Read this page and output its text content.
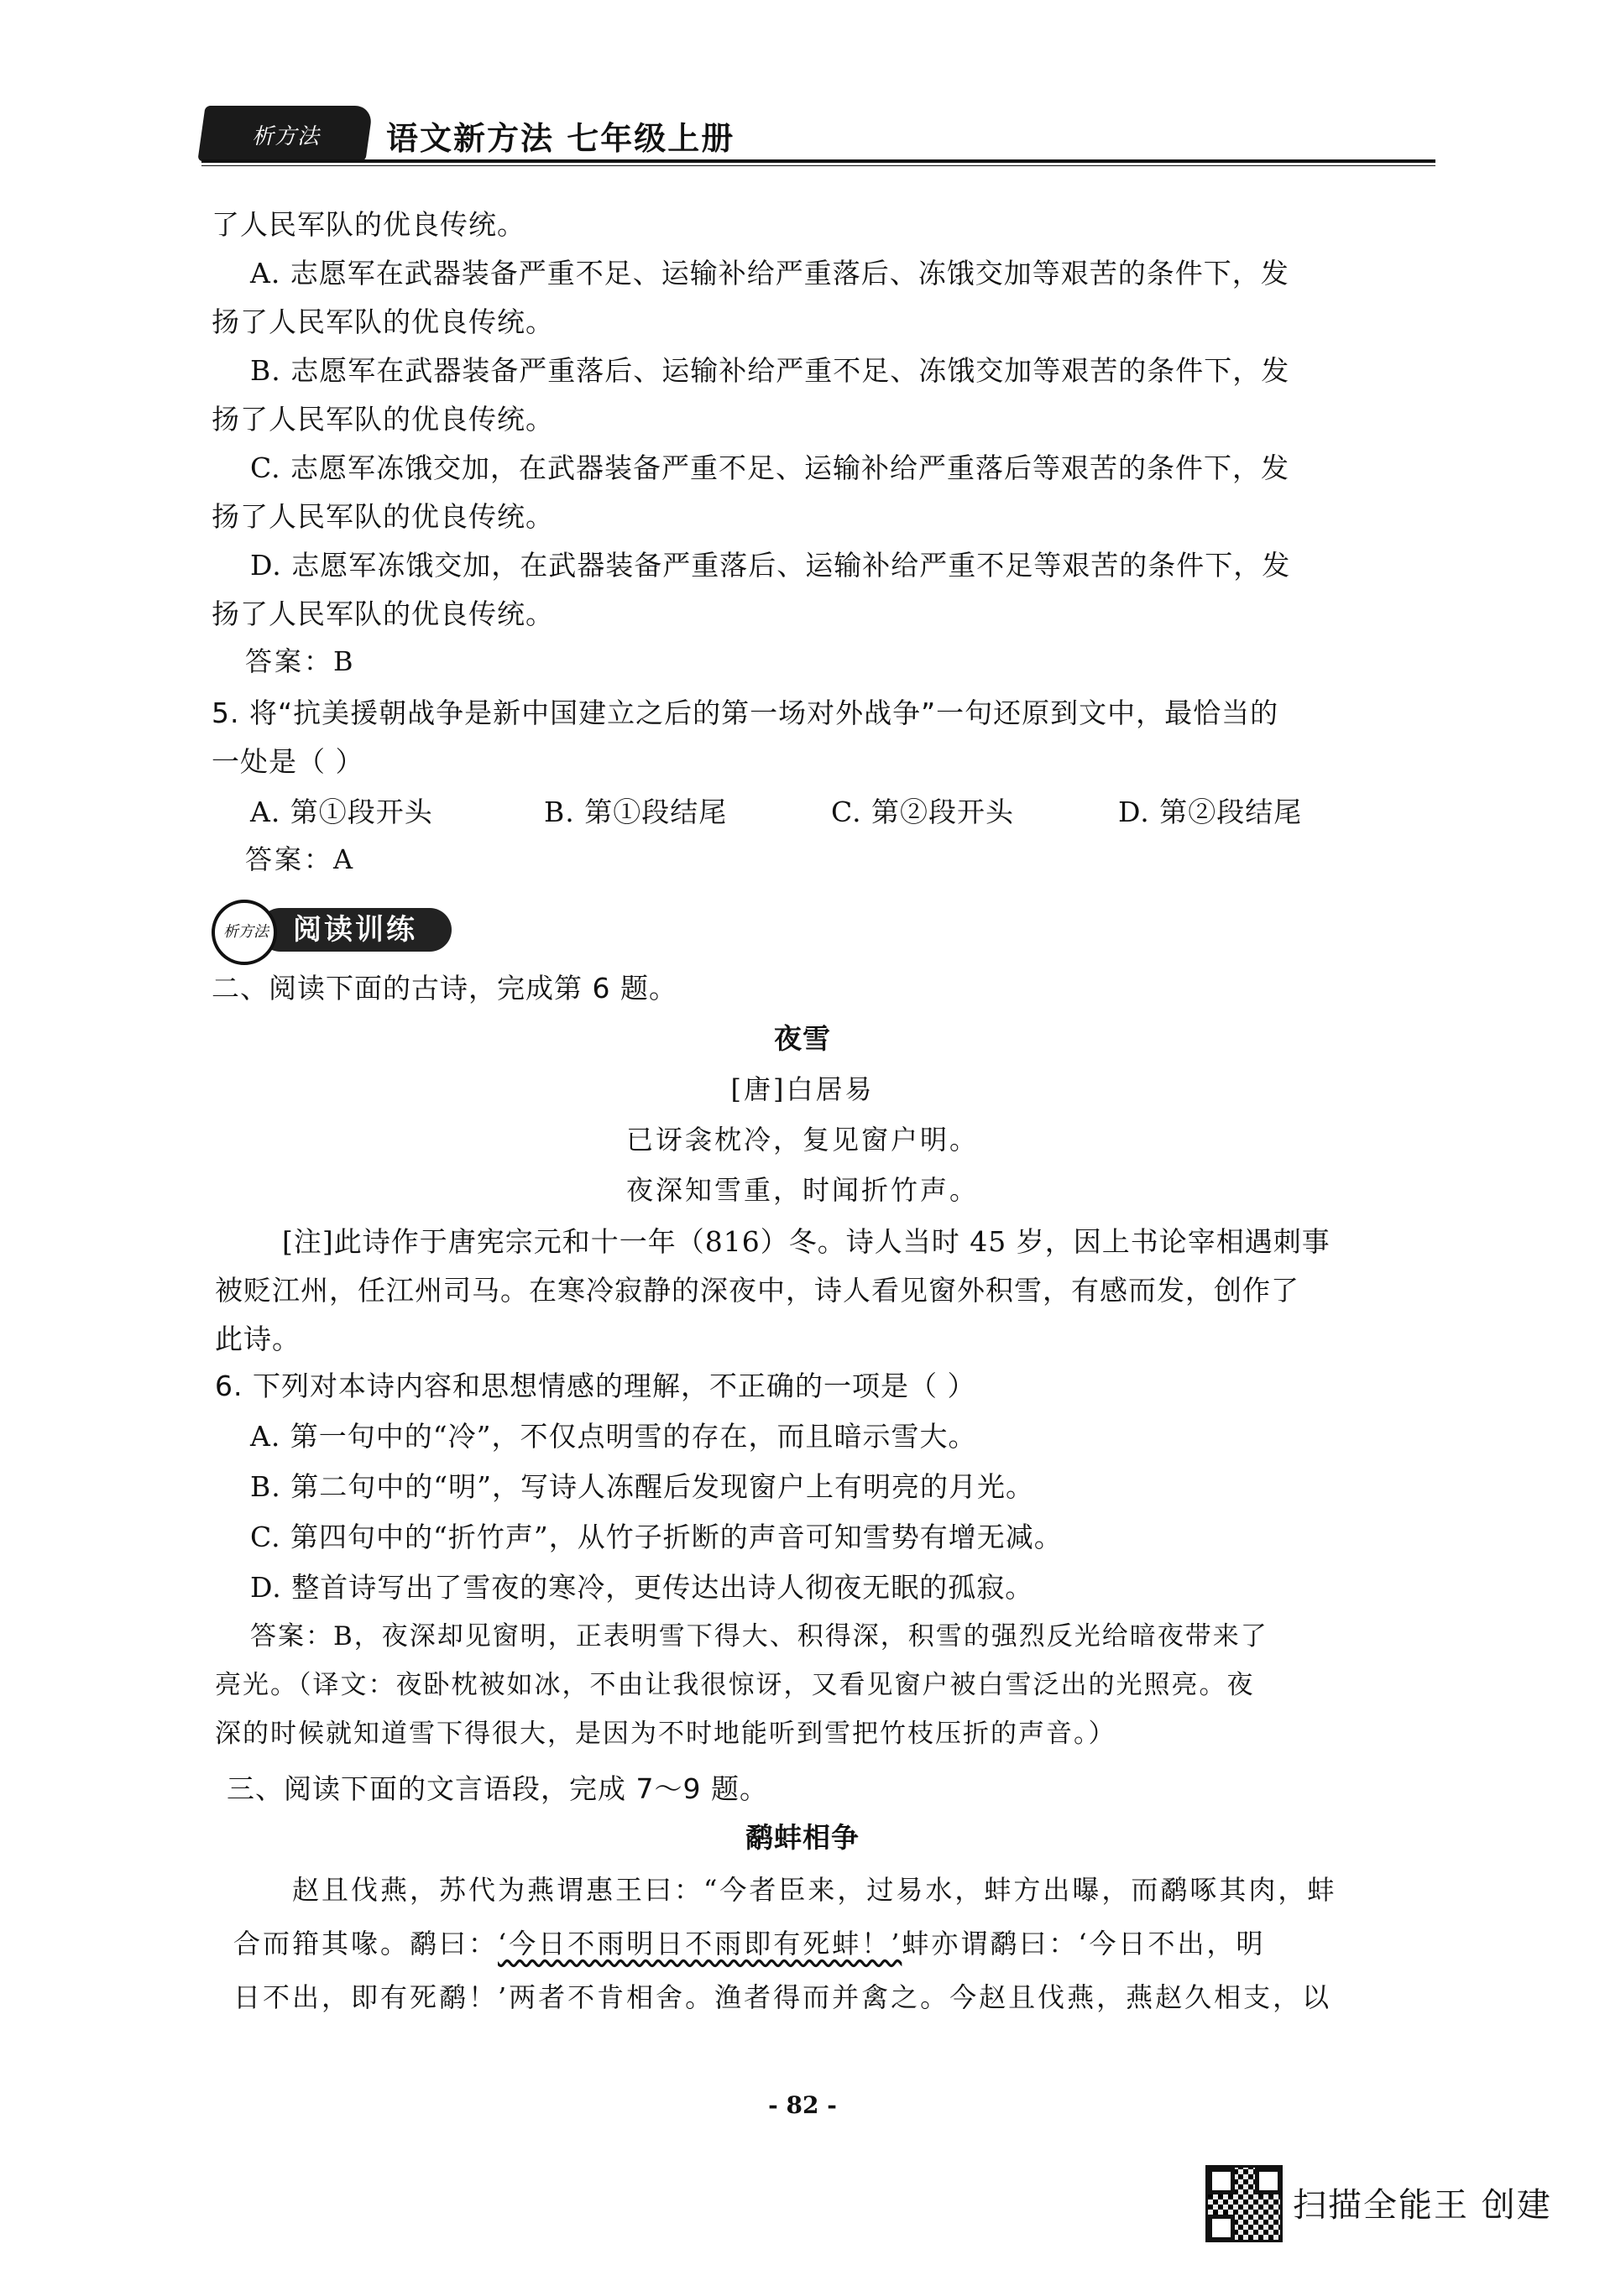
析方法 语文新方法 七年级上册
了人民军队的优良传统。
A. 志愿军在武器装备严重不足、运输补给严重落后、冻饿交加等艰苦的条件下，发
扬了人民军队的优良传统。
B. 志愿军在武器装备严重落后、运输补给严重不足、冻饿交加等艰苦的条件下，发
扬了人民军队的优良传统。
C. 志愿军冻饿交加，在武器装备严重不足、运输补给严重落后等艰苦的条件下，发
扬了人民军队的优良传统。
D. 志愿军冻饿交加，在武器装备严重落后、运输补给严重不足等艰苦的条件下，发
扬了人民军队的优良传统。
答案：B
5. 将“抗美援朝战争是新中国建立之后的第一场对外战争”一句还原到文中，最恰当的
一处是（ ）
A. 第①段开头	B. 第①段结尾	C. 第②段开头	D. 第②段结尾
答案：A
阅读训练
析方法
二、阅读下面的古诗，完成第 6 题。
夜雪
[唐]白居易
已讶衾枕冷，复见窗户明。
夜深知雪重，时闻折竹声。
[注]此诗作于唐宪宗元和十一年（816）冬。诗人当时 45 岁，因上书论宰相遇刺事
被贬江州，任江州司马。在寒冷寂静的深夜中，诗人看见窗外积雪，有感而发，创作了
此诗。
6. 下列对本诗内容和思想情感的理解，不正确的一项是（ ）
A. 第一句中的“冷”，不仅点明雪的存在，而且暗示雪大。
B. 第二句中的“明”，写诗人冻醒后发现窗户上有明亮的月光。
C. 第四句中的“折竹声”，从竹子折断的声音可知雪势有增无减。
D. 整首诗写出了雪夜的寒冷，更传达出诗人彻夜无眠的孤寂。
答案：B，夜深却见窗明，正表明雪下得大、积得深，积雪的强烈反光给暗夜带来了
亮光。（译文：夜卧枕被如冰，不由让我很惊讶，又看见窗户被白雪泛出的光照亮。夜
深的时候就知道雪下得很大，是因为不时地能听到雪把竹枝压折的声音。）
三、阅读下面的文言语段，完成 7～9 题。
鹬蚌相争
赵且伐燕，苏代为燕谓惠王曰：“今者臣来，过易水，蚌方出曝，而鹬啄其肉，蚌
合而箝其喙。鹬曰：‘今日不雨明日不雨即有死蚌！’蚌亦谓鹬曰：‘今日不出，明
日不出，即有死鹬！’两者不肯相舍。渔者得而并禽之。今赵且伐燕，燕赵久相支，以
- 82 -
扫描全能王 创建
